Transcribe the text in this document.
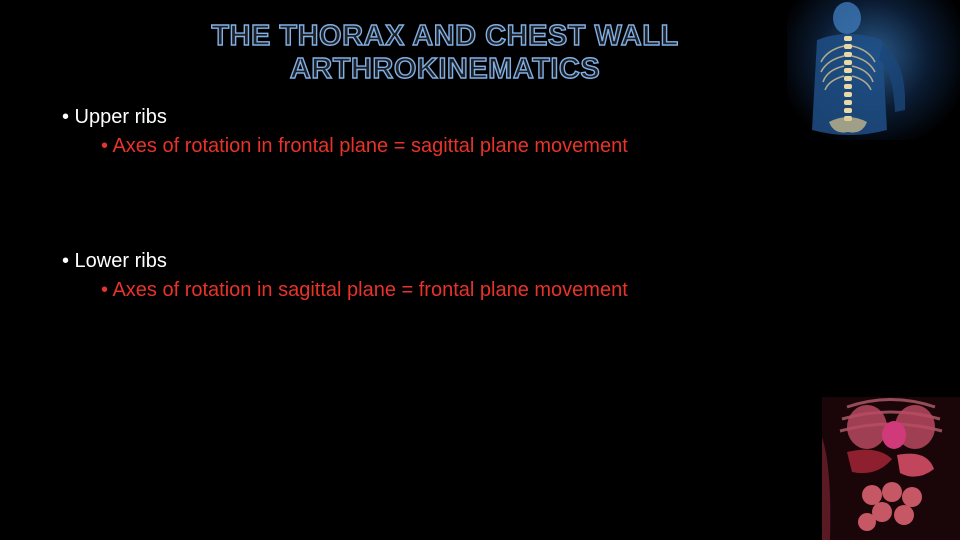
THE THORAX AND CHEST WALL ARTHROKINEMATICS
• Upper ribs
• Axes of rotation in frontal plane = sagittal plane movement
• Lower ribs
• Axes of rotation in sagittal plane = frontal plane movement
